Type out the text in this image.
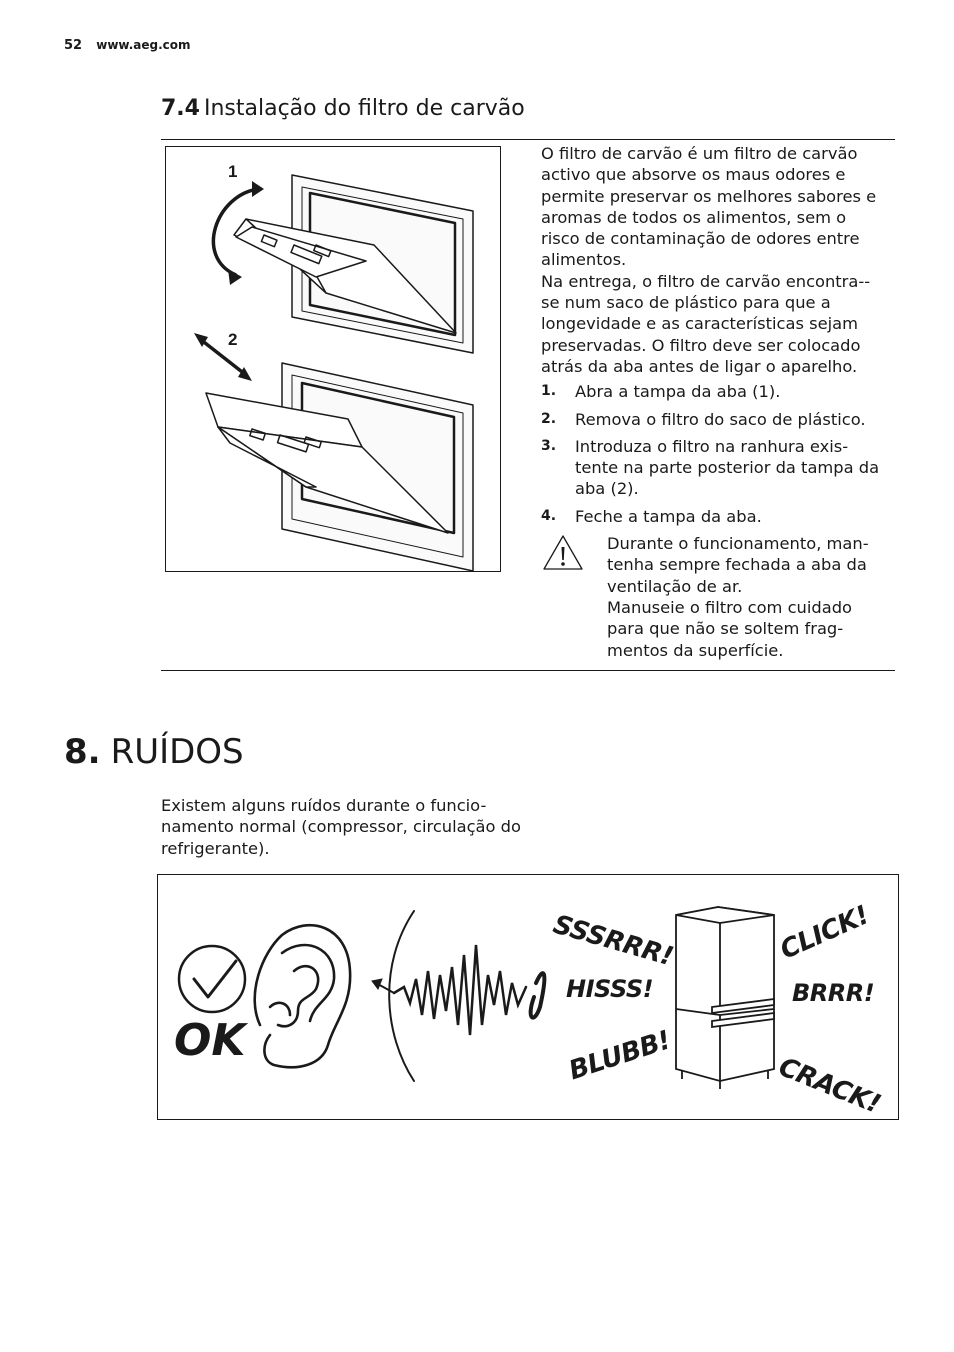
52 www.aeg.com
7.4 Instalação do filtro de carvão
1
2

O filtro de carvão é um filtro de carvão activo que absorve os maus odores e permite preservar os melhores sabores e aromas de todos os alimentos, sem o risco de contaminação de odores entre alimentos.

Na entrega, o filtro de carvão encontra--se num saco de plástico para que a longevidade e as características sejam preservadas. O filtro deve ser colocado atrás da aba antes de ligar o aparelho.

1.	Abra a tampa da aba (1).
2.	Remova o filtro do saco de plástico.
3.	Introduza o filtro na ranhura exis-tente na parte posterior da tampa da aba (2).
4.	Feche a tampa da aba.

Durante o funcionamento, man-tenha sempre fechada a aba da ventilação de ar.

Manuseie o filtro com cuidado para que não se soltem frag-mentos da superfície.

8. RUÍDOS
Existem alguns ruídos durante o funcio-namento normal (compressor, circulação do refrigerante).
OK
SSSRRR!
HISSS!
BLUBB!
CLICK!
BRRR!
CRACK!
